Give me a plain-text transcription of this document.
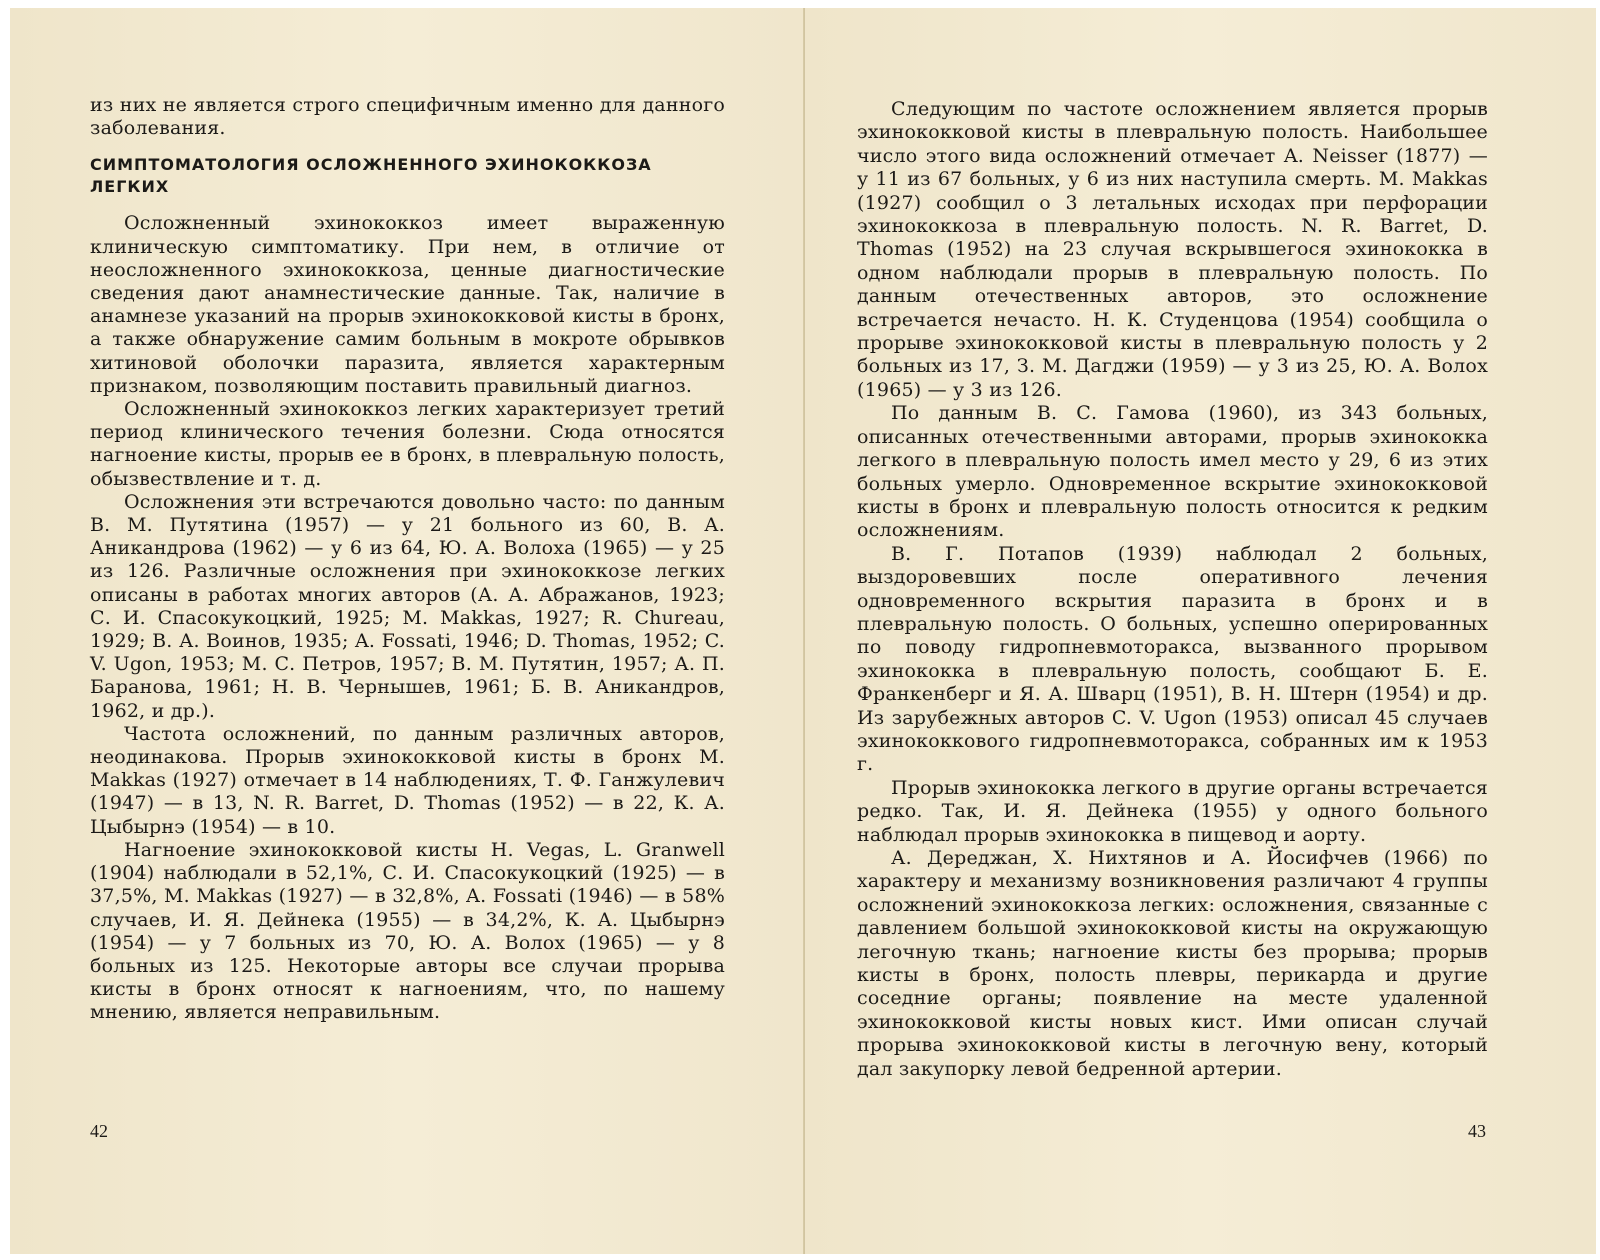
из них не является строго специфичным именно для данного заболевания.

СИМПТОМАТОЛОГИЯ ОСЛОЖНЕННОГО ЭХИНОКОККОЗА ЛЕГКИХ

Осложненный эхинококкоз имеет выраженную клиническую симптоматику. При нем, в отличие от неосложненного эхинококкоза, ценные диагностические сведения дают анамнестические данные. Так, наличие в анамнезе указаний на прорыв эхинококковой кисты в бронх, а также обнаружение самим больным в мокроте обрывков хитиновой оболочки паразита, является характерным признаком, позволяющим поставить правильный диагноз.

Осложненный эхинококкоз легких характеризует третий период клинического течения болезни. Сюда относятся нагноение кисты, прорыв ее в бронх, в плевральную полость, обызвествление и т. д.

Осложнения эти встречаются довольно часто: по данным В. М. Путятина (1957) — у 21 больного из 60, В. А. Аникандрова (1962) — у 6 из 64, Ю. А. Волоха (1965) — у 25 из 126. Различные осложнения при эхинококкозе легких описаны в работах многих авторов (А. А. Абражанов, 1923; С. И. Спасокукоцкий, 1925; M. Makkas, 1927; R. Chureau, 1929; В. А. Воинов, 1935; A. Fossati, 1946; D. Thomas, 1952; C. V. Ugon, 1953; М. С. Петров, 1957; В. М. Путятин, 1957; А. П. Баранова, 1961; Н. В. Чернышев, 1961; Б. В. Аникандров, 1962, и др.).

Частота осложнений, по данным различных авторов, неодинакова. Прорыв эхинококковой кисты в бронх M. Makkas (1927) отмечает в 14 наблюдениях, Т. Ф. Ганжулевич (1947) — в 13, N. R. Barret, D. Thomas (1952) — в 22, К. А. Цыбырнэ (1954) — в 10.

Нагноение эхинококковой кисты H. Vegas, L. Granwell (1904) наблюдали в 52,1%, С. И. Спасокукоцкий (1925) — в 37,5%, M. Makkas (1927) — в 32,8%, A. Fossati (1946) — в 58% случаев, И. Я. Дейнека (1955) — в 34,2%, К. А. Цыбырнэ (1954) — у 7 больных из 70, Ю. А. Волох (1965) — у 8 больных из 125. Некоторые авторы все случаи прорыва кисты в бронх относят к нагноениям, что, по нашему мнению, является неправильным.

42

Следующим по частоте осложнением является прорыв эхинококковой кисты в плевральную полость. Наибольшее число этого вида осложнений отмечает A. Neisser (1877) — у 11 из 67 больных, у 6 из них наступила смерть. M. Makkas (1927) сообщил о 3 летальных исходах при перфорации эхинококкоза в плевральную полость. N. R. Barret, D. Thomas (1952) на 23 случая вскрывшегося эхинококка в одном наблюдали прорыв в плевральную полость. По данным отечественных авторов, это осложнение встречается нечасто. Н. К. Студенцова (1954) сообщила о прорыве эхинококковой кисты в плевральную полость у 2 больных из 17, З. М. Дагджи (1959) — у 3 из 25, Ю. А. Волох (1965) — у 3 из 126.

По данным В. С. Гамова (1960), из 343 больных, описанных отечественными авторами, прорыв эхинококка легкого в плевральную полость имел место у 29, 6 из этих больных умерло. Одновременное вскрытие эхинококковой кисты в бронх и плевральную полость относится к редким осложнениям.

В. Г. Потапов (1939) наблюдал 2 больных, выздоровевших после оперативного лечения одновременного вскрытия паразита в бронх и в плевральную полость. О больных, успешно оперированных по поводу гидропневмоторакса, вызванного прорывом эхинококка в плевральную полость, сообщают Б. Е. Франкенберг и Я. А. Шварц (1951), В. Н. Штерн (1954) и др. Из зарубежных авторов C. V. Ugon (1953) описал 45 случаев эхинококкового гидропневмоторакса, собранных им к 1953 г.

Прорыв эхинококка легкого в другие органы встречается редко. Так, И. Я. Дейнека (1955) у одного больного наблюдал прорыв эхинококка в пищевод и аорту.

А. Дереджан, Х. Нихтянов и А. Йосифчев (1966) по характеру и механизму возникновения различают 4 группы осложнений эхинококкоза легких: осложнения, связанные с давлением большой эхинококковой кисты на окружающую легочную ткань; нагноение кисты без прорыва; прорыв кисты в бронх, полость плевры, перикарда и другие соседние органы; появление на месте удаленной эхинококковой кисты новых кист. Ими описан случай прорыва эхинококковой кисты в легочную вену, который дал закупорку левой бедренной артерии.

43
